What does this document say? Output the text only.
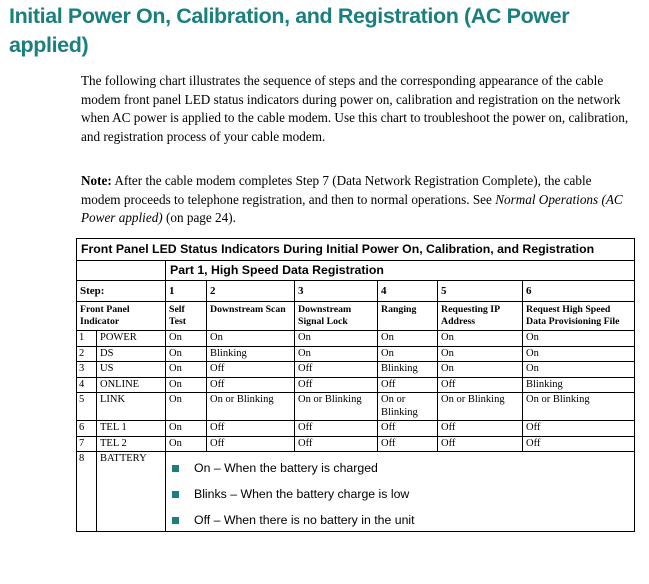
Initial Power On, Calibration, and Registration (AC Power applied)
The following chart illustrates the sequence of steps and the corresponding appearance of the cable modem front panel LED status indicators during power on, calibration and registration on the network when AC power is applied to the cable modem. Use this chart to troubleshoot the power on, calibration, and registration process of your cable modem.
Note: After the cable modem completes Step 7 (Data Network Registration Complete), the cable modem proceeds to telephone registration, and then to normal operations. See Normal Operations (AC Power applied) (on page 24).
Front Panel LED Status Indicators During Initial Power On, Calibration, and Registration							
		Part 1, High Speed Data Registration					
Step:		1	2	3	4	5	6
Front Panel Indicator		Self Test	Downstream Scan	Downstream Signal Lock	Ranging	Requesting IP Address	Request High Speed Data Provisioning File
1	POWER	On	On	On	On	On	On
2	DS	On	Blinking	On	On	On	On
3	US	On	Off	Off	Blinking	On	On
4	ONLINE	On	Off	Off	Off	Off	Blinking
5	LINK	On	On or Blinking	On or Blinking	On or Blinking	On or Blinking	On or Blinking
6	TEL 1	On	Off	Off	Off	Off	Off
7	TEL 2	On	Off	Off	Off	Off	Off
8	BATTERY	On – When the battery is charged
Blinks – When the battery charge is low
Off – When there is no battery in the unit					
